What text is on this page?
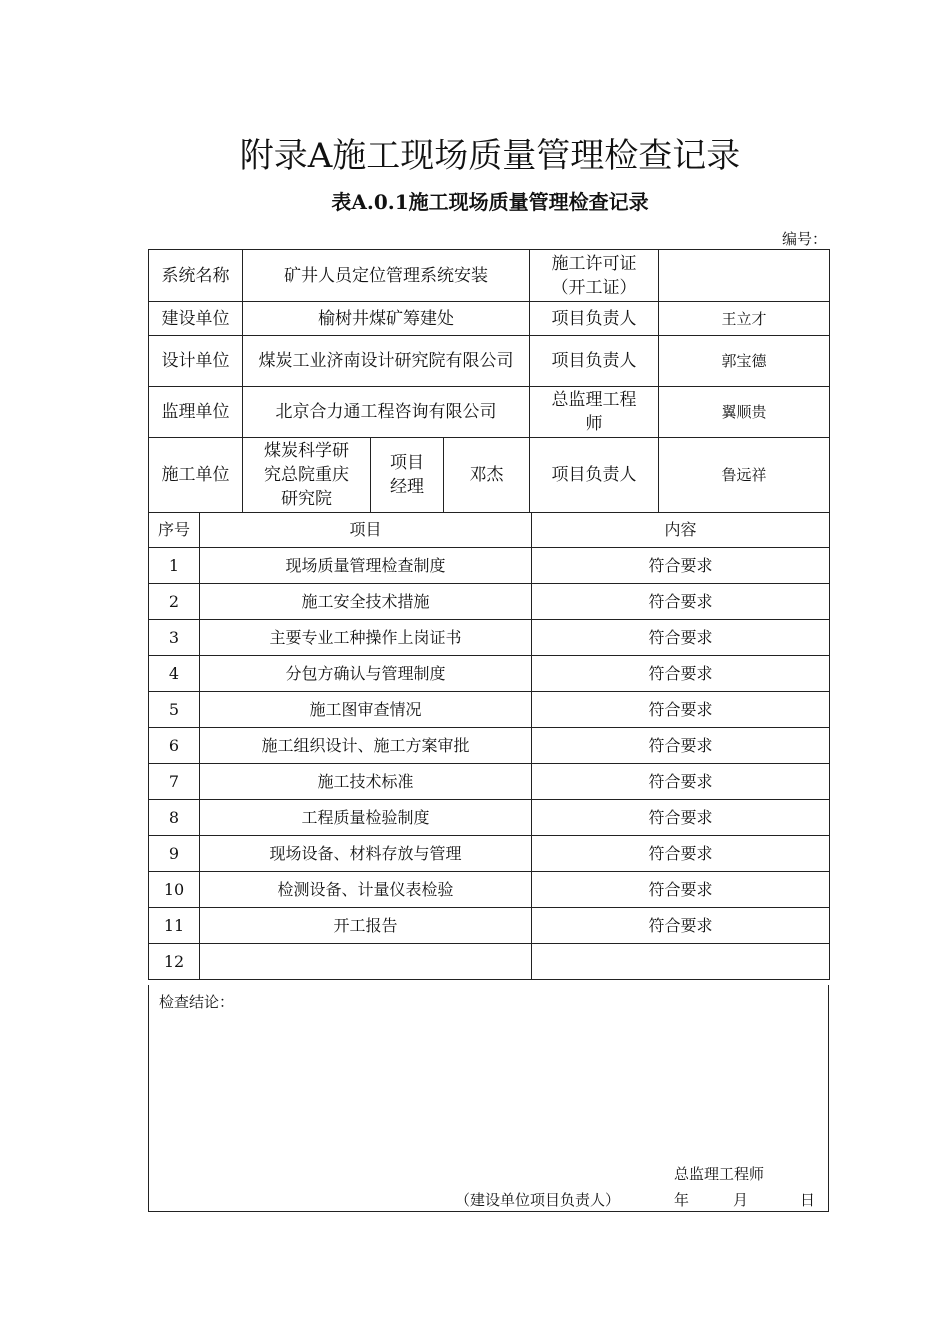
附录A施工现场质量管理检查记录
表A.0.1施工现场质量管理检查记录
编号：
系统名称	矿井人员定位管理系统安装			施工许可证（开工证）	
建设单位	榆树井煤矿筹建处			项目负责人	王立才
设计单位	煤炭工业济南设计研究院有限公司			项目负责人	郭宝德
监理单位	北京合力通工程咨询有限公司			总监理工程师	翼顺贵
施工单位	煤炭科学研究总院重庆研究院	项目经理	邓杰	项目负责人	鲁远祥
序号	项目	内容
1	现场质量管理检查制度	符合要求
2	施工安全技术措施	符合要求
3	主要专业工种操作上岗证书	符合要求
4	分包方确认与管理制度	符合要求
5	施工图审查情况	符合要求
6	施工组织设计、施工方案审批	符合要求
7	施工技术标准	符合要求
8	工程质量检验制度	符合要求
9	现场设备、材料存放与管理	符合要求
10	检测设备、计量仪表检验	符合要求
11	开工报告	符合要求
12		
检查结论：
总监理工程师
（建设单位项目负责人）	年	月	日
